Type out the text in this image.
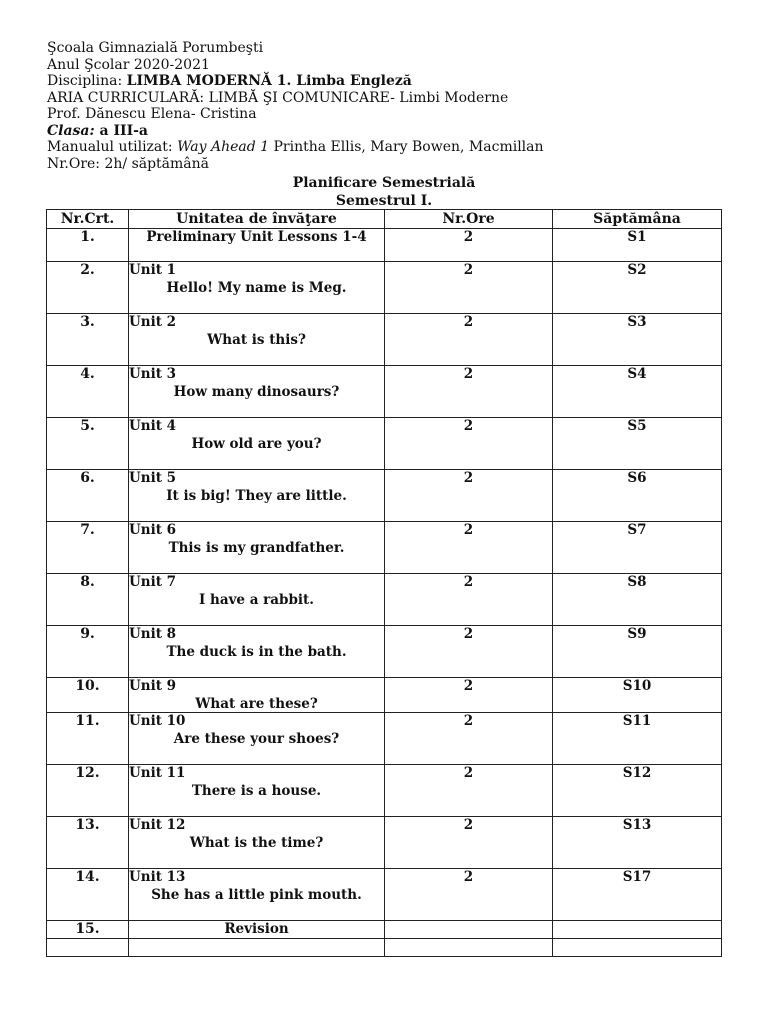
Şcoala Gimnazială Porumbeşti
Anul Şcolar 2020-2021
Disciplina: LIMBA MODERNĂ 1. Limba Engleză
ARIA CURRICULARĂ: LIMBĂ ŞI COMUNICARE- Limbi Moderne
Prof. Dănescu Elena- Cristina
Clasa: a III-a
Manualul utilizat: Way Ahead 1 Printha Ellis, Mary Bowen, Macmillan
Nr.Ore: 2h/ săptămână
Planificare Semestrială
Semestrul I.
Nr.Crt.	Unitatea de învăţare	Nr.Ore	Săptămâna
1.	Preliminary Unit Lessons 1-4	2	S1
2.	Unit 1
Hello! My name is Meg.	2	S2
3.	Unit 2
What is this?	2	S3
4.	Unit 3
How many dinosaurs?	2	S4
5.	Unit 4
How old are you?	2	S5
6.	Unit 5
It is big! They are little.	2	S6
7.	Unit 6
This is my grandfather.	2	S7
8.	Unit 7
I have a rabbit.	2	S8
9.	Unit 8
The duck is in the bath.	2	S9
10.	Unit 9
What are these?	2	S10
11.	Unit 10
Are these your shoes?	2	S11
12.	Unit 11
There is a house.	2	S12
13.	Unit 12
What is the time?	2	S13
14.	Unit 13
She has a little pink mouth.	2	S17
15.	Revision		
